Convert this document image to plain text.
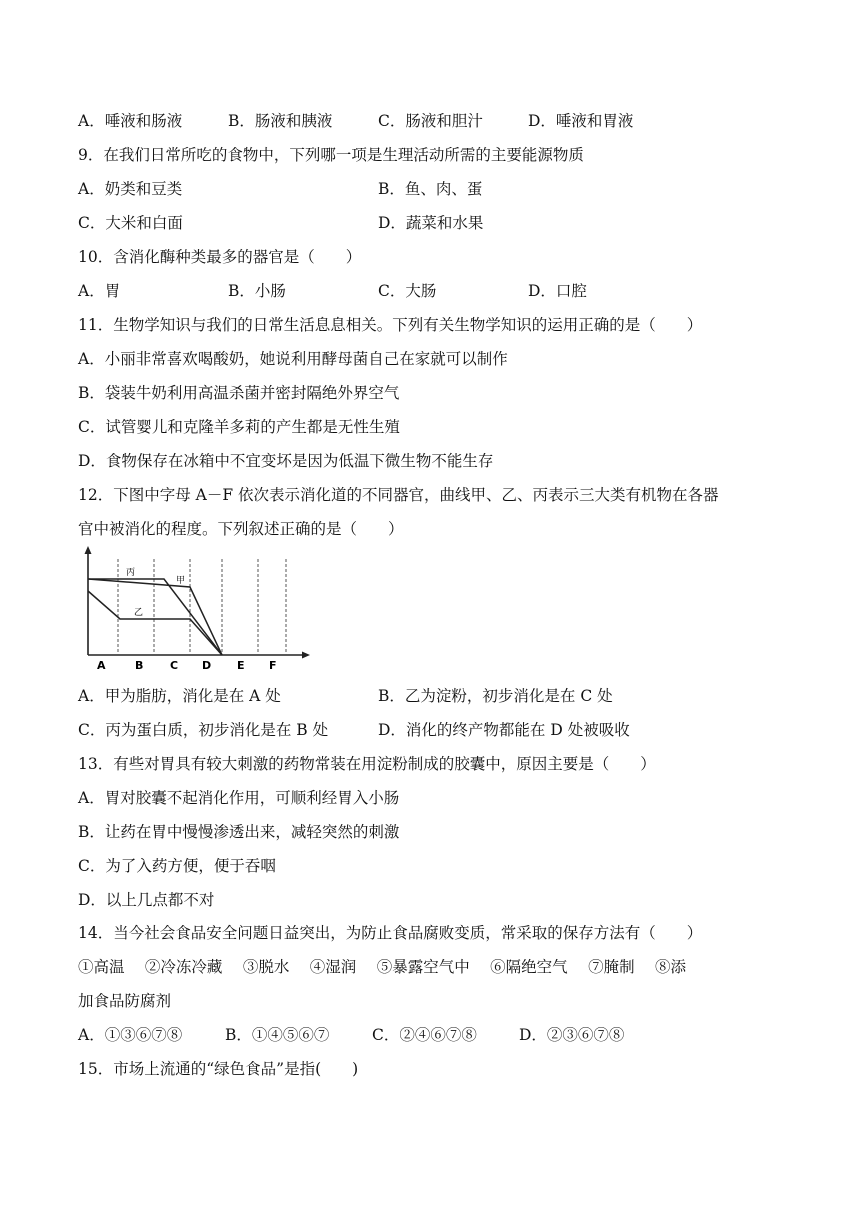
A．唾液和肠液	B．肠液和胰液	C．肠液和胆汁	D．唾液和胃液
9．在我们日常所吃的食物中，下列哪一项是生理活动所需的主要能源物质
A．奶类和豆类	B．鱼、肉、蛋
C．大米和白面	D．蔬菜和水果
10．含消化酶种类最多的器官是（　　）
A．胃	B．小肠	C．大肠	D．口腔
11．生物学知识与我们的日常生活息息相关。下列有关生物学知识的运用正确的是（　　）
A．小丽非常喜欢喝酸奶，她说利用酵母菌自己在家就可以制作
B．袋装牛奶利用高温杀菌并密封隔绝外界空气
C．试管婴儿和克隆羊多莉的产生都是无性生殖
D．食物保存在冰箱中不宜变坏是因为低温下微生物不能生存
12．下图中字母 A－F 依次表示消化道的不同器官，曲线甲、乙、丙表示三大类有机物在各器
官中被消化的程度。下列叙述正确的是（　　）
丙
甲
乙
A	B C D E F
A．甲为脂肪，消化是在 A 处	B．乙为淀粉，初步消化是在 C 处
C．丙为蛋白质，初步消化是在 B 处	D．消化的终产物都能在 D 处被吸收
13．有些对胃具有较大刺激的药物常装在用淀粉制成的胶囊中，原因主要是（　　）
A．胃对胶囊不起消化作用，可顺利经胃入小肠
B．让药在胃中慢慢渗透出来，减轻突然的刺激
C．为了入药方便，便于吞咽
D．以上几点都不对
14．当今社会食品安全问题日益突出，为防止食品腐败变质，常采取的保存方法有（　　）
①高温　 ②冷冻冷藏　 ③脱水　 ④湿润　 ⑤暴露空气中　 ⑥隔绝空气　 ⑦腌制　 ⑧添
加食品防腐剂
A．①③⑥⑦⑧	B．①④⑤⑥⑦	C．②④⑥⑦⑧	D．②③⑥⑦⑧
15．市场上流通的“绿色食品”是指(　　)
